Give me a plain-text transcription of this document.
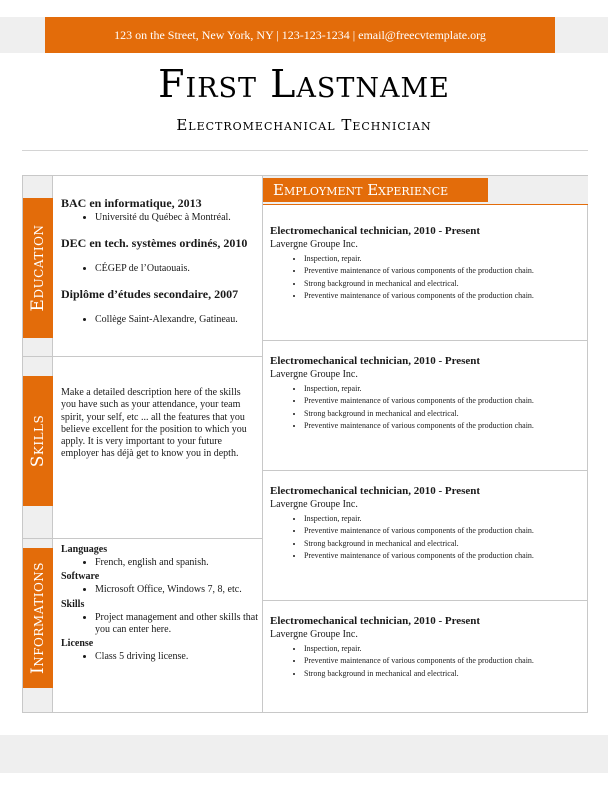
123 on the Street, New York, NY | 123-123-1234 | email@freecvtemplate.org
First Lastname
Electromechanical Technician
Education
Skills
Informations
BAC en informatique, 2013
• Université du Québec à Montréal.
DEC en tech. systèmes ordinés, 2010
• CÉGEP de l’Outaouais.
Diplôme d’études secondaire, 2007
• Collège Saint-Alexandre, Gatineau.
Make a detailed description here of the skills you have such as your attendance, your team spirit, your self, etc ... all the features that you believe excellent for the position to which you apply. It is very important to your future employer has déjà get to know you in depth.
Languages
• French, english and spanish.
Software
• Microsoft Office, Windows 7, 8, etc.
Skills
• Project management and other skills that you can enter here.
License
• Class 5 driving license.
Employment Experience
Electromechanical technician, 2010 - Present
Lavergne Groupe Inc.
• Inspection, repair.
• Preventive maintenance of various components of the production chain.
• Strong background in mechanical and electrical.
• Preventive maintenance of various components of the production chain.
Electromechanical technician, 2010 - Present
Lavergne Groupe Inc.
• Inspection, repair.
• Preventive maintenance of various components of the production chain.
• Strong background in mechanical and electrical.
• Preventive maintenance of various components of the production chain.
Electromechanical technician, 2010 - Present
Lavergne Groupe Inc.
• Inspection, repair.
• Preventive maintenance of various components of the production chain.
• Strong background in mechanical and electrical.
• Preventive maintenance of various components of the production chain.
Electromechanical technician, 2010 - Present
Lavergne Groupe Inc.
• Inspection, repair.
• Preventive maintenance of various components of the production chain.
• Strong background in mechanical and electrical.
